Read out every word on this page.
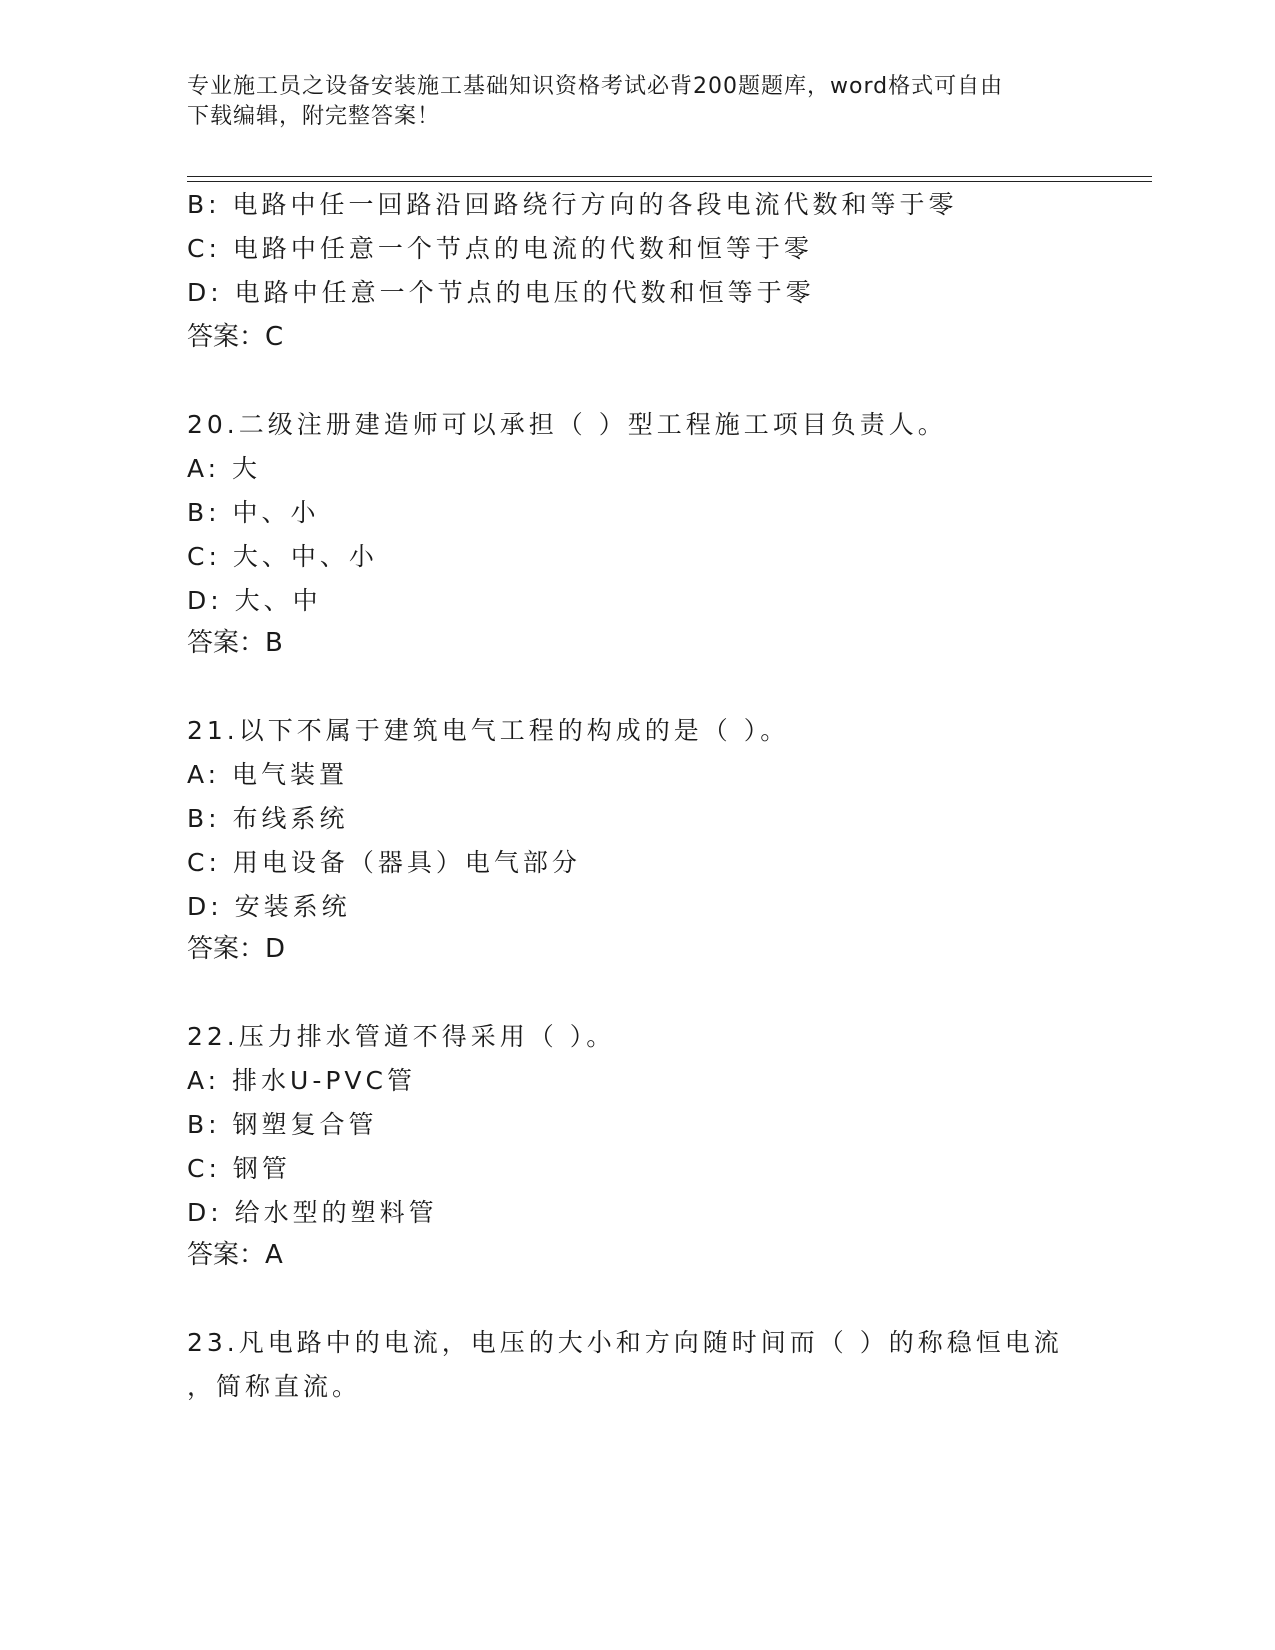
专业施工员之设备安装施工基础知识资格考试必背200题题库，word格式可自由
下载编辑，附完整答案！
B: 电路中任一回路沿回路绕行方向的各段电流代数和等于零
C: 电路中任意一个节点的电流的代数和恒等于零
D: 电路中任意一个节点的电压的代数和恒等于零
答案：C
20.二级注册建造师可以承担（ ）型工程施工项目负责人。
A: 大
B: 中、小
C: 大、中、小
D: 大、中
答案：B
21.以下不属于建筑电气工程的构成的是（ ）。
A: 电气装置
B: 布线系统
C: 用电设备（器具）电气部分
D: 安装系统
答案：D
22.压力排水管道不得采用（ ）。
A: 排水U-PVC管
B: 钢塑复合管
C: 钢管
D: 给水型的塑料管
答案：A
23.凡电路中的电流，电压的大小和方向随时间而（ ）的称稳恒电流
，简称直流。
